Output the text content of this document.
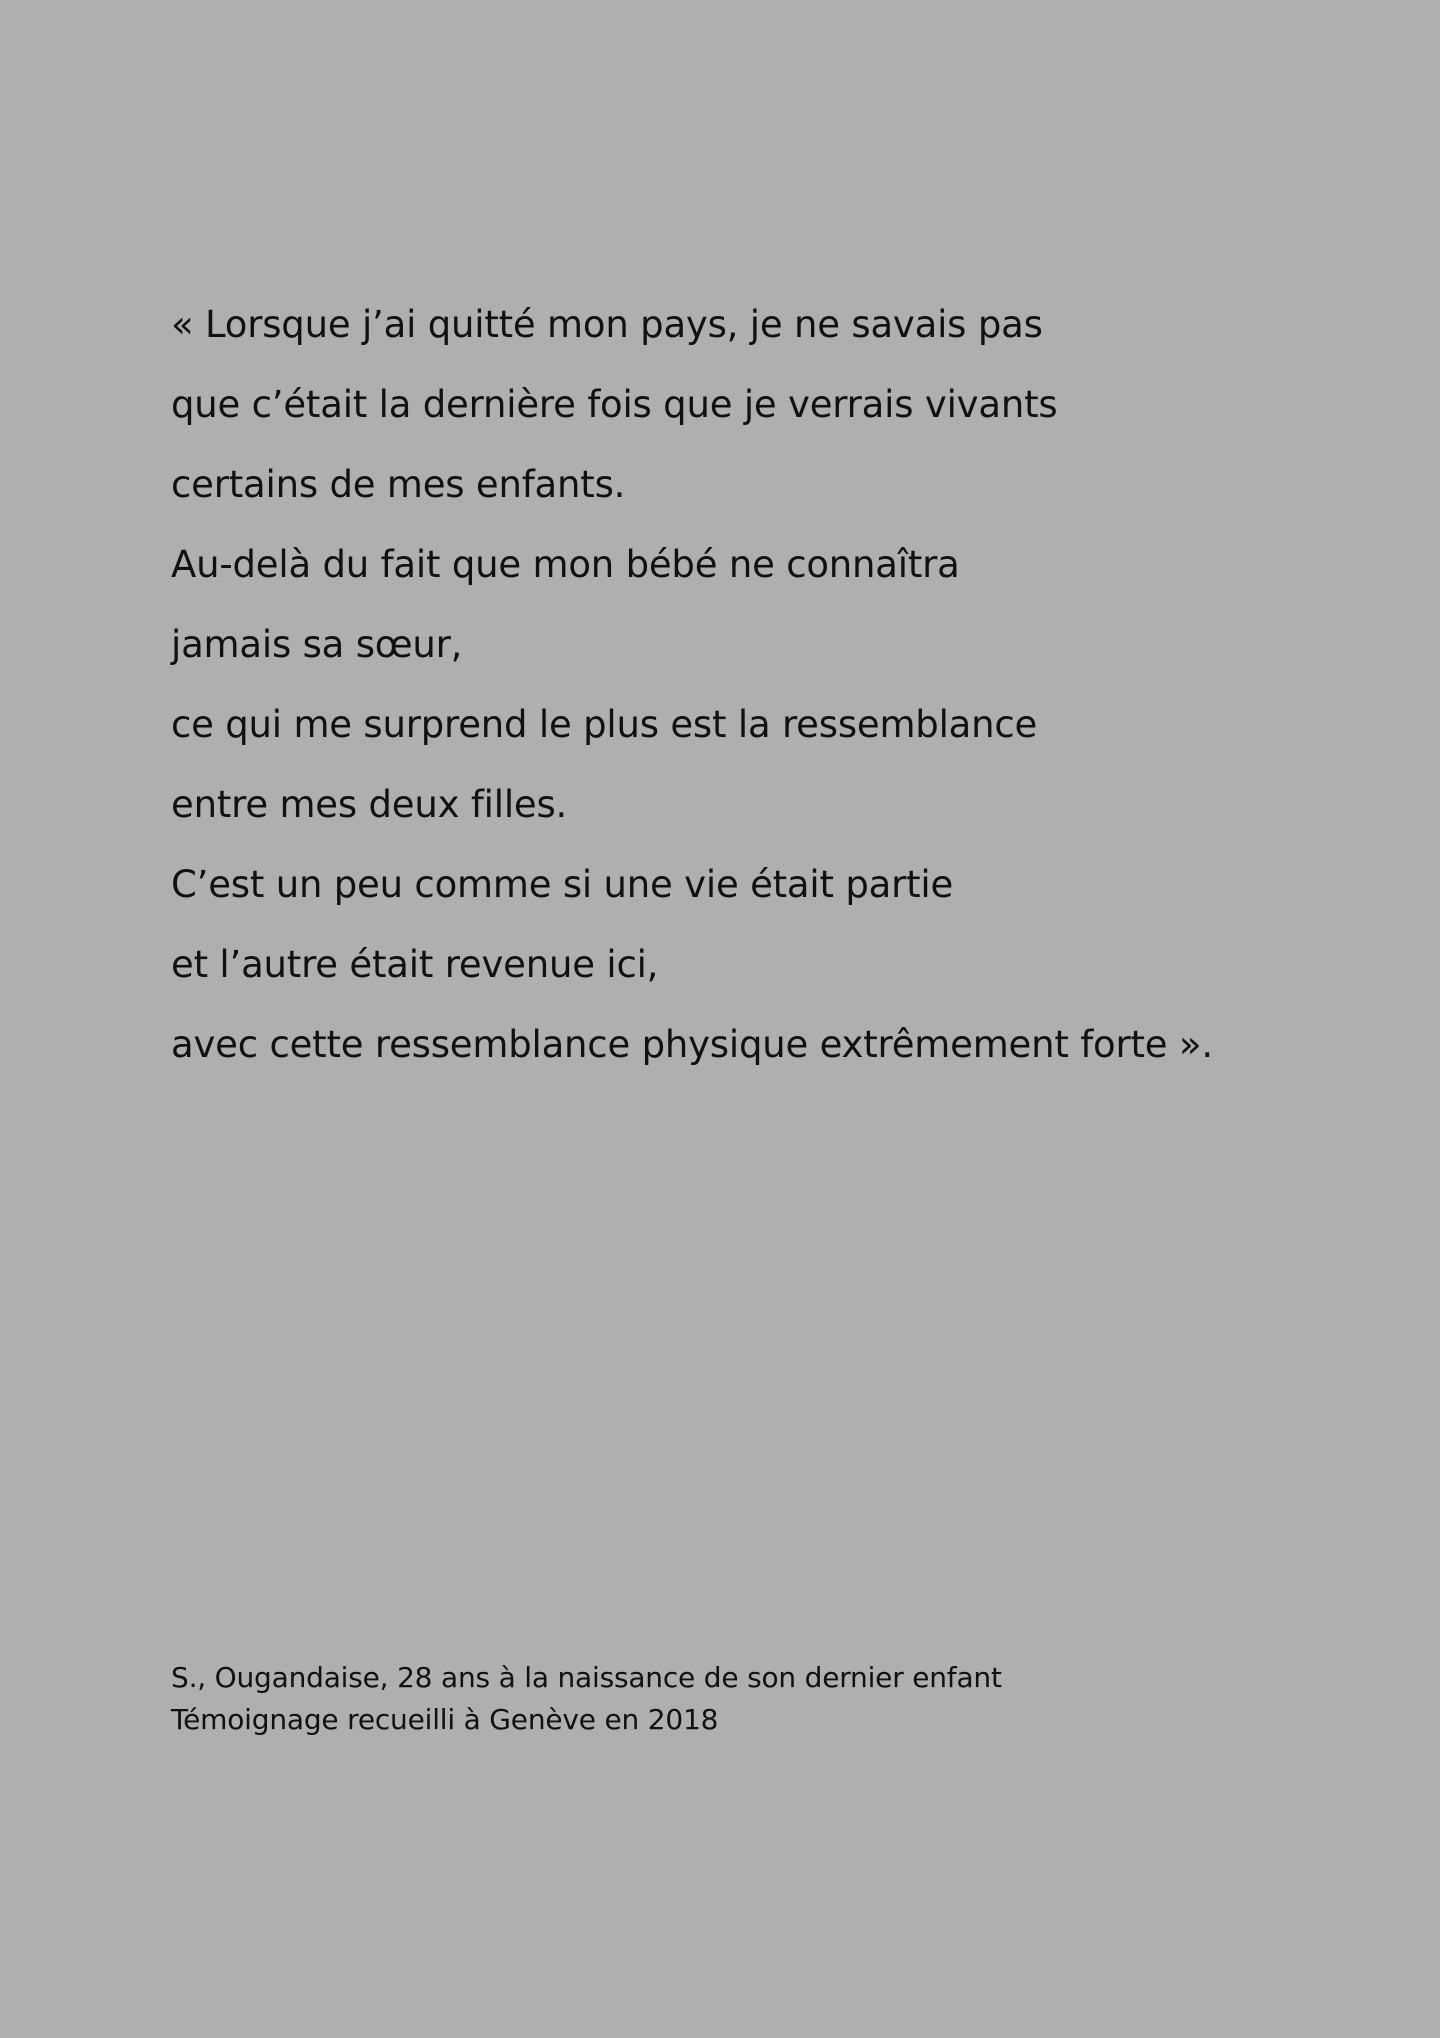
« Lorsque j’ai quitté mon pays, je ne savais pas
que c’était la dernière fois que je verrais vivants
certains de mes enfants.
Au-delà du fait que mon bébé ne connaîtra
jamais sa sœur,
ce qui me surprend le plus est la ressemblance
entre mes deux filles.
C’est un peu comme si une vie était partie
et l’autre était revenue ici,
avec cette ressemblance physique extrêmement forte ».
S., Ougandaise, 28 ans à la naissance de son dernier enfant
Témoignage recueilli à Genève en 2018
